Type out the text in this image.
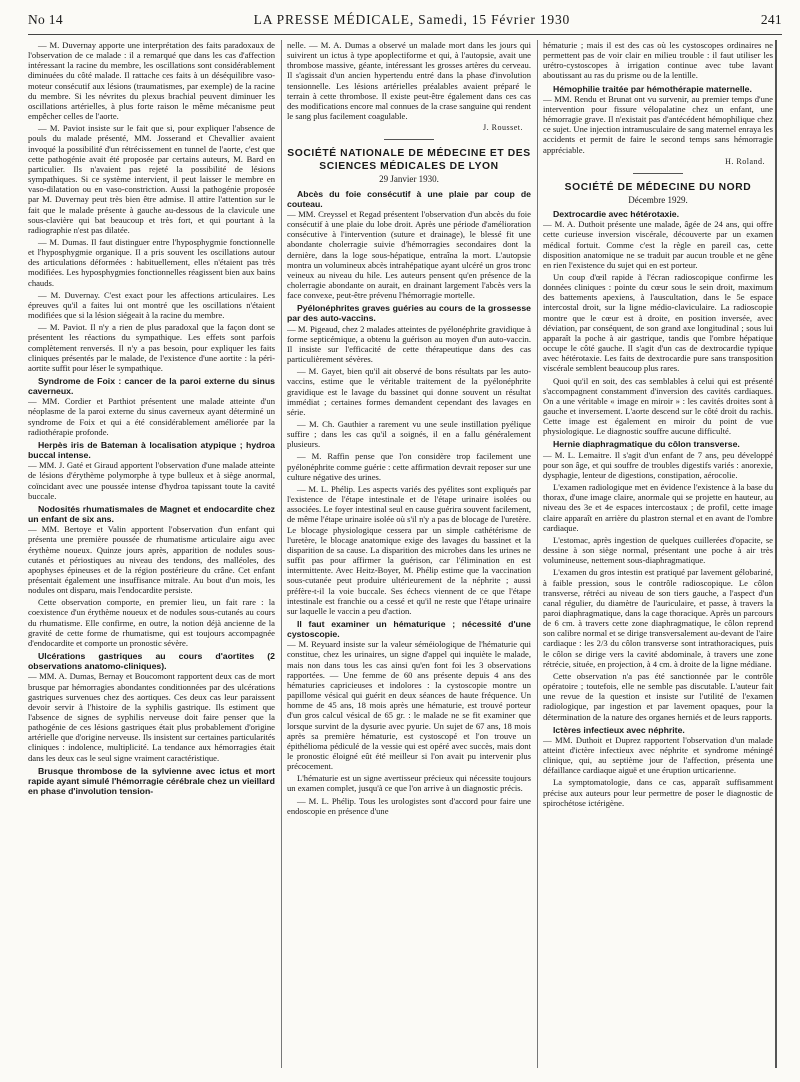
No 14	LA PRESSE MÉDICALE, Samedi, 15 Février 1930	241

— M. Duvernay apporte une interprétation des faits paradoxaux de l'observation de ce malade : il a remarqué que dans les cas d'affection intéressant la racine du membre, les oscillations sont considérablement diminuées du côté malade. Il rattache ces faits à un déséquilibre vaso-moteur consécutif aux lésions (traumatismes, par exemple) de la racine du membre. Si les névrites du plexus brachial peuvent diminuer les oscillations artérielles, à plus forte raison le même mécanisme peut empêcher celles de l'aorte.

— M. Paviot insiste sur le fait que si, pour expliquer l'absence de pouls du malade présenté, MM. Josserand et Chevallier avaient invoqué la possibilité d'un rétrécissement en tunnel de l'aorte, c'est que cette pathogénie avait été proposée par certains auteurs, M. Bard en particulier. Ils n'avaient pas rejeté la possibilité de lésions sympathiques. Si ce système intervient, il peut laisser le membre en vaso-dilatation ou en vaso-constriction. Aussi la pathogénie proposée par M. Duvernay peut très bien être admise. Il attire l'attention sur le fait que le malade présente à gauche au-dessous de la clavicule une sous-clavière qui bat beaucoup et très fort, et qui pourtant à la radiographie n'est pas dilatée.

— M. Dumas. Il faut distinguer entre l'hyposphygmie fonctionnelle et l'hyposphygmie organique. Il a pris souvent les oscillations autour des articulations déformées : habituellement, elles n'étaient pas très modifiées. Les hyposphygmies fonctionnelles réagissent bien aux bains chauds.

— M. Duvernay. C'est exact pour les affections articulaires. Les épreuves qu'il a faites lui ont montré que les oscillations n'étaient modifiées que si la lésion siégeait à la racine du membre.

— M. Paviot. Il n'y a rien de plus paradoxal que la façon dont se présentent les réactions du sympathique. Les effets sont parfois complètement renversés. Il n'y a pas besoin, pour expliquer les faits cliniques présentés par le malade, de l'existence d'une aortite : la péri-aortite suffit pour léser le sympathique.

Syndrome de Foix : cancer de la paroi externe du sinus caverneux.

— MM. Cordier et Parthiot présentent une malade atteinte d'un néoplasme de la paroi externe du sinus caverneux ayant déterminé un syndrome de Foix et qui a été considérablement améliorée par la radiothérapie profonde.

Herpès iris de Bateman à localisation atypique ; hydroa buccal intense.

— MM. J. Gaté et Giraud apportent l'observation d'une malade atteinte de lésions d'érythème polymorphe à type bulleux et à siège anormal, coïncidant avec une poussée intense d'hydroa tapissant toute la cavité buccale.

Nodosités rhumatismales de Magnet et endocardite chez un enfant de six ans.

— MM. Bertoye et Valin apportent l'observation d'un enfant qui présenta une première poussée de rhumatisme articulaire aigu avec érythème noueux. Quinze jours après, apparition de nodules sous-cutanés et périostiques au niveau des tendons, des malléoles, des apophyses épineuses et de la région postérieure du crâne. Cet enfant présentait également une insuffisance mitrale. Au bout d'un mois, les nodules ont disparu, mais l'endocardite persiste.

Cette observation comporte, en premier lieu, un fait rare : la coexistence d'un érythème noueux et de nodules sous-cutanés au cours du rhumatisme. Elle confirme, en outre, la notion déjà ancienne de la gravité de cette forme de rhumatisme, qui est toujours accompagnée d'endocardite et comporte un pronostic sévère.

Ulcérations gastriques au cours d'aortites (2 observations anatomo-cliniques).

— MM. A. Dumas, Bernay et Boucomont rapportent deux cas de mort brusque par hémorragies abondantes conditionnées par des ulcérations gastriques survenues chez des aortiques. Ces deux cas leur paraissent devoir servir à l'histoire de la syphilis gastrique. Ils estiment que l'absence de signes de syphilis nerveuse doit faire penser que la pathogénie de ces lésions gastriques était plus probablement d'origine artérielle que d'origine nerveuse. Ils insistent sur certaines particularités cliniques : indolence, multiplicité. La tendance aux hémorragies était dans les deux cas le seul signe vraiment caractéristique.

Brusque thrombose de la sylvienne avec ictus et mort rapide ayant simulé l'hémorragie cérébrale chez un vieillard en phase d'involution tension-

nelle. — M. A. Dumas a observé un malade mort dans les jours qui suivirent un ictus à type apoplectiforme et qui, à l'autopsie, avait une thrombose massive, géante, intéressant les grosses artères du cerveau. Il s'agissait d'un ancien hypertendu entré dans la phase d'involution tensionnelle. Les lésions artérielles préalables avaient préparé le terrain à cette thrombose. Il existe peut-être également dans ces cas des modifications encore mal connues de la crase sanguine qui rendent le sang plus facilement coagulable.

J. Rousset.
SOCIÉTÉ NATIONALE DE MÉDECINE ET DES SCIENCES MÉDICALES DE LYON
29 Janvier 1930.
Abcès du foie consécutif à une plaie par coup de couteau.

— MM. Creyssel et Regad présentent l'observation d'un abcès du foie consécutif à une plaie du lobe droit. Après une période d'amélioration consécutive à l'intervention (suture et drainage), le blessé fit une abondante cholerragie suivie d'hémorragies secondaires dont la dernière, dans la loge sous-hépatique, entraîna la mort. L'autopsie montra un volumineux abcès intrahépatique ayant ulcéré un gros tronc veineux au niveau du hile. Les auteurs pensent qu'en présence de la cholerragie abondante on aurait, en drainant largement l'abcès vers la face convexe, peut-être prévenu l'hémorragie mortelle.

Pyélonéphrites graves guéries au cours de la grossesse par des auto-vaccins.

— M. Pigeaud, chez 2 malades atteintes de pyélonéphrite gravidique à forme septicémique, a obtenu la guérison au moyen d'un auto-vaccin. Il insiste sur l'efficacité de cette thérapeutique dans des cas particulièrement sévères.

— M. Gayet, bien qu'il ait observé de bons résultats par les auto-vaccins, estime que le véritable traitement de la pyélonéphrite gravidique est le lavage du bassinet qui donne souvent un résultat immédiat ; certaines formes demandent cependant des lavages en série.

— M. Ch. Gauthier a rarement vu une seule instillation pyélique suffire ; dans les cas qu'il a soignés, il en a fallu généralement plusieurs.

— M. Raffin pense que l'on considère trop facilement une pyélonéphrite comme guérie : cette affirmation devrait reposer sur une culture négative des urines.

— M. L. Phélip. Les aspects variés des pyélites sont expliqués par l'existence de l'étape intestinale et de l'étape urinaire isolées ou associées. Le foyer intestinal seul en cause guérira souvent facilement, de même l'étape urinaire isolée où s'il n'y a pas de blocage de l'uretère. Le blocage physiologique cessera par un simple cathétérisme de l'uretère, le blocage anatomique exige des lavages du bassinet et la disparition de sa cause. La disparition des microbes dans les urines ne suffit pas pour affirmer la guérison, car l'élimination en est intermittente. Avec Heitz-Boyer, M. Phélip estime que la vaccination sous-cutanée peut produire ultérieurement de la néphrite ; aussi préfère-t-il la voie buccale. Ses échecs viennent de ce que l'étape intestinale est franchie ou a cessé et qu'il ne reste que l'étape urinaire sur laquelle le vaccin a peu d'action.

Il faut examiner un hématurique ; nécessité d'une cystoscopie.

— M. Reyuard insiste sur la valeur séméiologique de l'hématurie qui constitue, chez les urinaires, un signe d'appel qui inquiète le malade, mais non dans tous les cas ainsi qu'en font foi les 3 observations rapportées. — Une femme de 60 ans présente depuis 4 ans des hématuries capricieuses et indolores : la cystoscopie montre un papillome vésical qui guérit en deux séances de haute fréquence. Un homme de 45 ans, 18 mois après une hématurie, est trouvé porteur d'un gros calcul vésical de 65 gr. : le malade ne se fit examiner que lorsque survint de la dysurie avec pyurie. Un sujet de 67 ans, 18 mois après sa première hématurie, est cystoscopé et l'on trouve un épithélioma pédiculé de la vessie qui est opéré avec succès, mais dont le pronostic éloigné eût été meilleur si l'on avait pu intervenir plus précocement.

L'hématurie est un signe avertisseur précieux qui nécessite toujours un examen complet, jusqu'à ce que l'on arrive à un diagnostic précis.

— M. L. Phélip. Tous les urologistes sont d'accord pour faire une endoscopie en présence d'une

hématurie ; mais il est des cas où les cystoscopes ordinaires ne permettent pas de voir clair en milieu trouble : il faut utiliser les urétro-cystoscopes à irrigation continue avec tube lavant aboutissant au ras du prisme ou de la lentille.

Hémophilie traitée par hémothérapie maternelle.

— MM. Rendu et Brunat ont vu survenir, au premier temps d'une intervention pour fissure vélopalatine chez un enfant, une hémorragie grave. Il n'existait pas d'antécédent hémophilique chez ce sujet. Une injection intramusculaire de sang maternel enraya les accidents et permit de faire le second temps sans hémorragie appréciable.

H. Roland.
SOCIÉTÉ DE MÉDECINE DU NORD
Décembre 1929.
Dextrocardie avec hétérotaxie.

— M. A. Duthoit présente une malade, âgée de 24 ans, qui offre cette curieuse inversion viscérale, découverte par un examen médical fortuit. Comme c'est la règle en pareil cas, cette disposition anatomique ne se traduit par aucun trouble et ne gêne en rien l'existence du sujet qui en est porteur.

Un coup d'œil rapide à l'écran radioscopique confirme les données cliniques : pointe du cœur sous le sein droit, maximum des battements apexiens, à l'auscultation, dans le 5e espace intercostal droit, sur la ligne médio-claviculaire. La radioscopie montre que le cœur est à droite, en position inversée, avec déviation, par conséquent, de son grand axe longitudinal ; sous lui apparaît la poche à air gastrique, tandis que l'ombre hépatique occupe le côté gauche. Il s'agit d'un cas de dextrocardie typique avec hétérotaxie. Les faits de dextrocardie pure sans transposition viscérale semblent beaucoup plus rares.

Quoi qu'il en soit, des cas semblables à celui qui est présenté s'accompagnent constamment d'inversion des cavités cardiaques. On a une véritable « image en miroir » : les cavités droites sont à gauche et inversement. L'aorte descend sur le côté droit du rachis. Cette image est également en miroir du point de vue physiologique. Le diagnostic souffre aucune difficulté.

Hernie diaphragmatique du côlon transverse.

— M. L. Lemaitre. Il s'agit d'un enfant de 7 ans, peu développé pour son âge, et qui souffre de troubles digestifs variés : anorexie, dysphagie, lenteur de digestions, constipation, aérocolie.

L'examen radiologique met en évidence l'existence à la base du thorax, d'une image claire, anormale qui se projette en hauteur, au niveau des 3e et 4e espaces intercostaux ; de profil, cette image claire apparaît en arrière du plastron sternal et en avant de l'ombre cardiaque.

L'estomac, après ingestion de quelques cuillerées d'opacite, se dessine à son siège normal, présentant une poche à air très volumineuse, nettement sous-diaphragmatique.

L'examen du gros intestin est pratiqué par lavement gélobariné, à faible pression, sous le contrôle radioscopique. Le côlon transverse, rétréci au niveau de son tiers gauche, a l'aspect d'un canal régulier, du diamètre de l'auriculaire, et passe, à travers la paroi diaphragmatique, dans la cage thoracique. Après un parcours de 6 cm. à travers cette zone diaphragmatique, le côlon reprend son calibre normal et se dirige transversalement au-devant de l'aire cardiaque : les 2/3 du côlon transverse sont intrathoraciques, puis le côlon se dirige vers la cavité abdominale, à travers une zone rétrécie, située, en projection, à 4 cm. à droite de la ligne médiane.

Cette observation n'a pas été sanctionnée par le contrôle opératoire ; toutefois, elle ne semble pas discutable. L'auteur fait une revue de la question et insiste sur l'utilité de l'examen radiologique, par ingestion et par lavement opaques, pour la détermination de la nature des organes herniés et de leurs rapports.

Ictères infectieux avec néphrite.

— MM. Duthoit et Duprez rapportent l'observation d'un malade atteint d'ictère infectieux avec néphrite et syndrome méningé clinique, qui, au septième jour de l'affection, présenta une défaillance cardiaque aiguë et une éruption urticarienne.

La symptomatologie, dans ce cas, apparaît suffisamment précise aux auteurs pour leur permettre de poser le diagnostic de spirochétose ictérigène.
